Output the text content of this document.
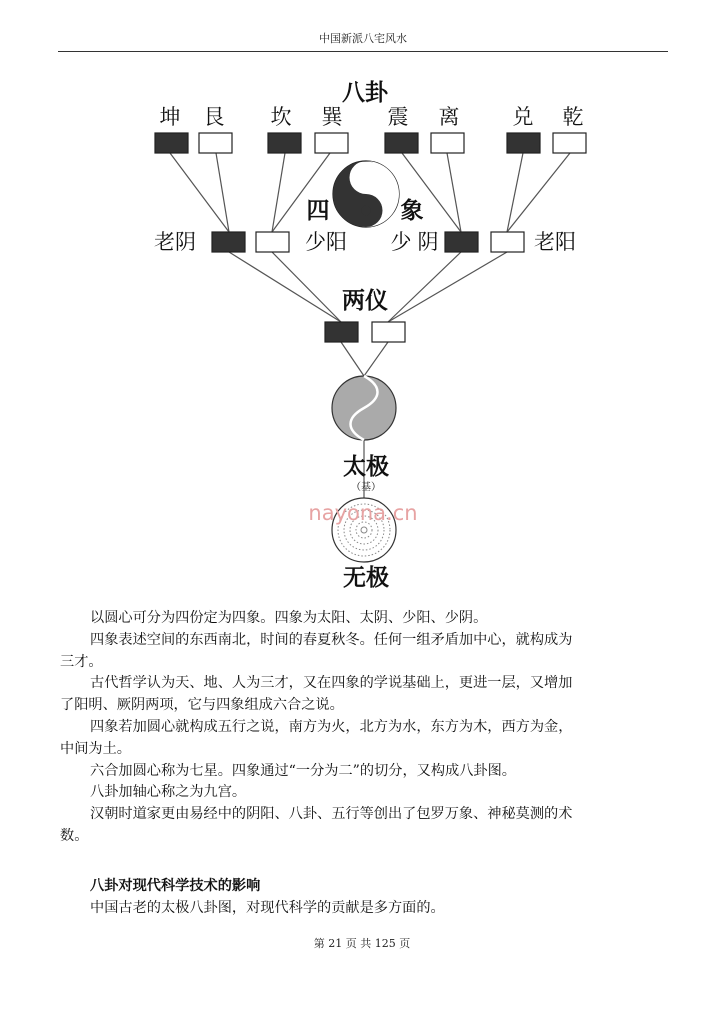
中国新派八宅风水
八卦
坤 艮 坎 巽 震 离	兑 乾
四	象
老阴	少阳 少 阴	老阳
两仪
太极
（基）
无极
nayona.cn

以圆心可分为四份定为四象。四象为太阳、太阴、少阳、少阴。

四象表述空间的东西南北，时间的春夏秋冬。任何一组矛盾加中心，就构成为

三才。

古代哲学认为天、地、人为三才，又在四象的学说基础上，更进一层，又增加

了阳明、厥阴两项，它与四象组成六合之说。

四象若加圆心就构成五行之说，南方为火，北方为水，东方为木，西方为金，

中间为土。

六合加圆心称为七星。四象通过“一分为二”的切分，又构成八卦图。

八卦加轴心称之为九宫。

汉朝时道家更由易经中的阴阳、八卦、五行等创出了包罗万象、神秘莫测的术

数。

八卦对现代科学技术的影响
中国古老的太极八卦图，对现代科学的贡献是多方面的。
第 21 页 共 125 页
